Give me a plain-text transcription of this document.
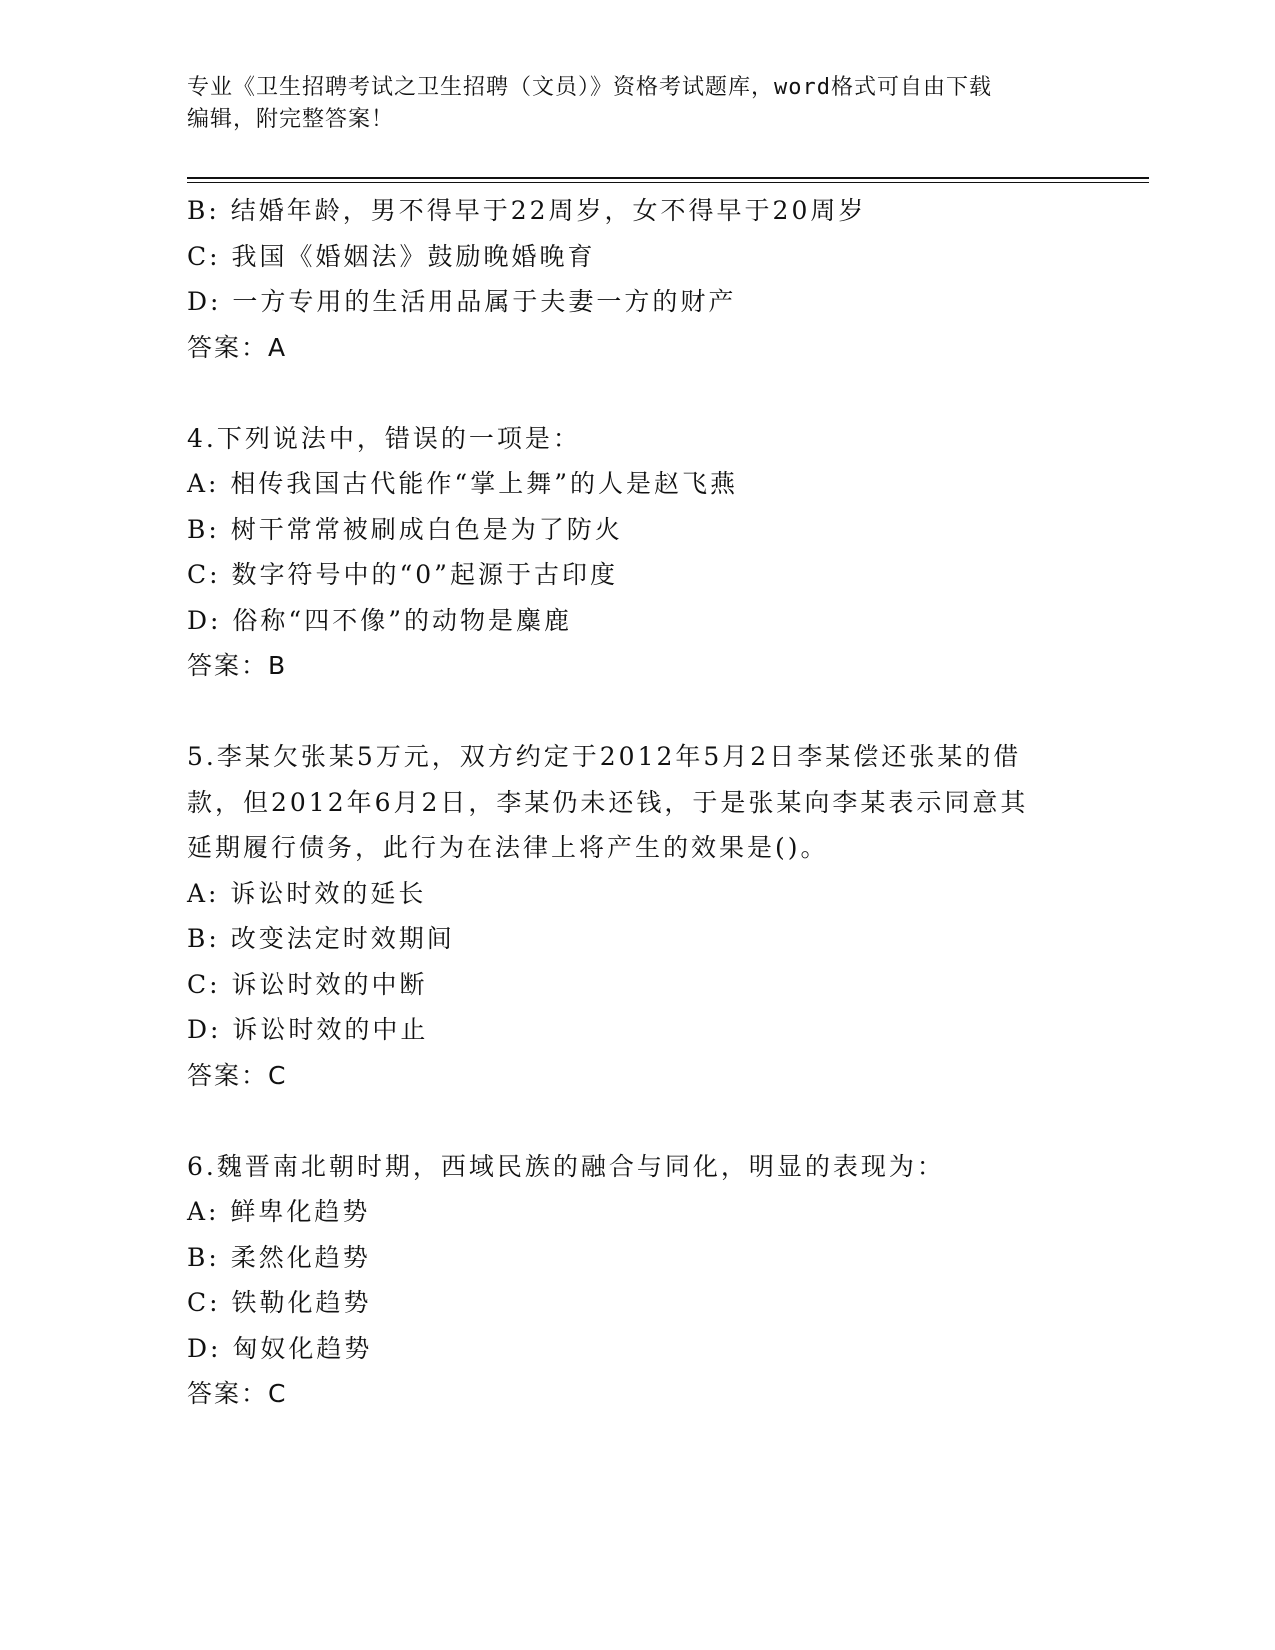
专业《卫生招聘考试之卫生招聘（文员）》资格考试题库，word格式可自由下载
编辑，附完整答案！
B: 结婚年龄，男不得早于22周岁，女不得早于20周岁
C: 我国《婚姻法》鼓励晚婚晚育
D: 一方专用的生活用品属于夫妻一方的财产
答案：A
4.下列说法中，错误的一项是：
A: 相传我国古代能作“掌上舞”的人是赵飞燕
B: 树干常常被刷成白色是为了防火
C: 数字符号中的“0”起源于古印度
D: 俗称“四不像”的动物是麋鹿
答案：B
5.李某欠张某5万元，双方约定于2012年5月2日李某偿还张某的借
款，但2012年6月2日，李某仍未还钱，于是张某向李某表示同意其
延期履行债务，此行为在法律上将产生的效果是()。
A: 诉讼时效的延长
B: 改变法定时效期间
C: 诉讼时效的中断
D: 诉讼时效的中止
答案：C
6.魏晋南北朝时期，西域民族的融合与同化，明显的表现为：
A: 鲜卑化趋势
B: 柔然化趋势
C: 铁勒化趋势
D: 匈奴化趋势
答案：C
